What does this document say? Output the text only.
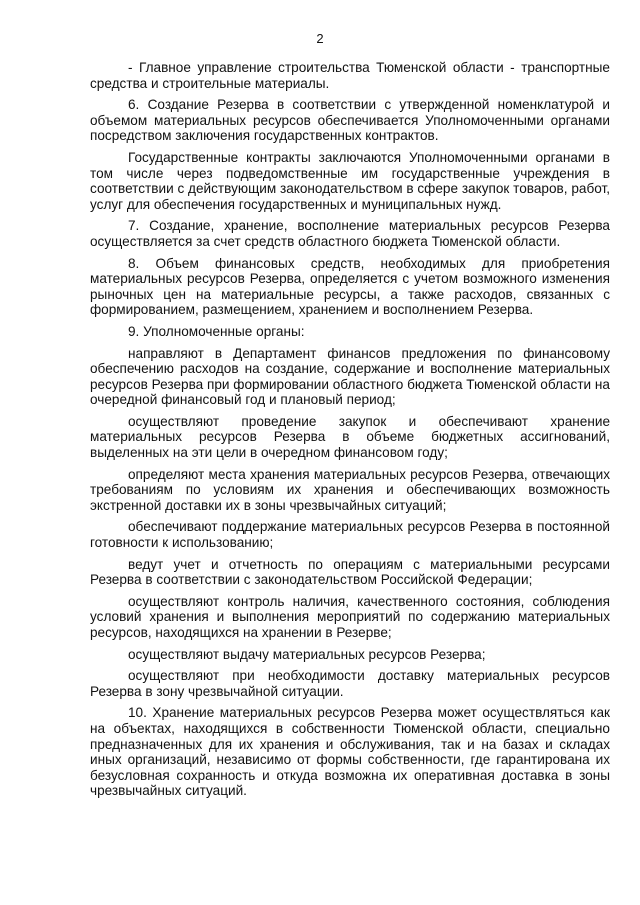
2

- Главное управление строительства Тюменской области - транспортные средства и строительные материалы.

6. Создание Резерва в соответствии с утвержденной номенклатурой и объемом материальных ресурсов обеспечивается Уполномоченными органами посредством заключения государственных контрактов.

Государственные контракты заключаются Уполномоченными органами в том числе через подведомственные им государственные учреждения в соответствии с действующим законодательством в сфере закупок товаров, работ, услуг для обеспечения государственных и муниципальных нужд.

7. Создание, хранение, восполнение материальных ресурсов Резерва осуществляется за счет средств областного бюджета Тюменской области.

8. Объем финансовых средств, необходимых для приобретения материальных ресурсов Резерва, определяется с учетом возможного изменения рыночных цен на материальные ресурсы, а также расходов, связанных с формированием, размещением, хранением и восполнением Резерва.

9. Уполномоченные органы:

направляют в Департамент финансов предложения по финансовому обеспечению расходов на создание, содержание и восполнение материальных ресурсов Резерва при формировании областного бюджета Тюменской области на очередной финансовый год и плановый период;

осуществляют проведение закупок и обеспечивают хранение материальных ресурсов Резерва в объеме бюджетных ассигнований, выделенных на эти цели в очередном финансовом году;

определяют места хранения материальных ресурсов Резерва, отвечающих требованиям по условиям их хранения и обеспечивающих возможность экстренной доставки их в зоны чрезвычайных ситуаций;

обеспечивают поддержание материальных ресурсов Резерва в постоянной готовности к использованию;

ведут учет и отчетность по операциям с материальными ресурсами Резерва в соответствии с законодательством Российской Федерации;

осуществляют контроль наличия, качественного состояния, соблюдения условий хранения и выполнения мероприятий по содержанию материальных ресурсов, находящихся на хранении в Резерве;

осуществляют выдачу материальных ресурсов Резерва;

осуществляют при необходимости доставку материальных ресурсов Резерва в зону чрезвычайной ситуации.

10. Хранение материальных ресурсов Резерва может осуществляться как на объектах, находящихся в собственности Тюменской области, специально предназначенных для их хранения и обслуживания, так и на базах и складах иных организаций, независимо от формы собственности, где гарантирована их безусловная сохранность и откуда возможна их оперативная доставка в зоны чрезвычайных ситуаций.
